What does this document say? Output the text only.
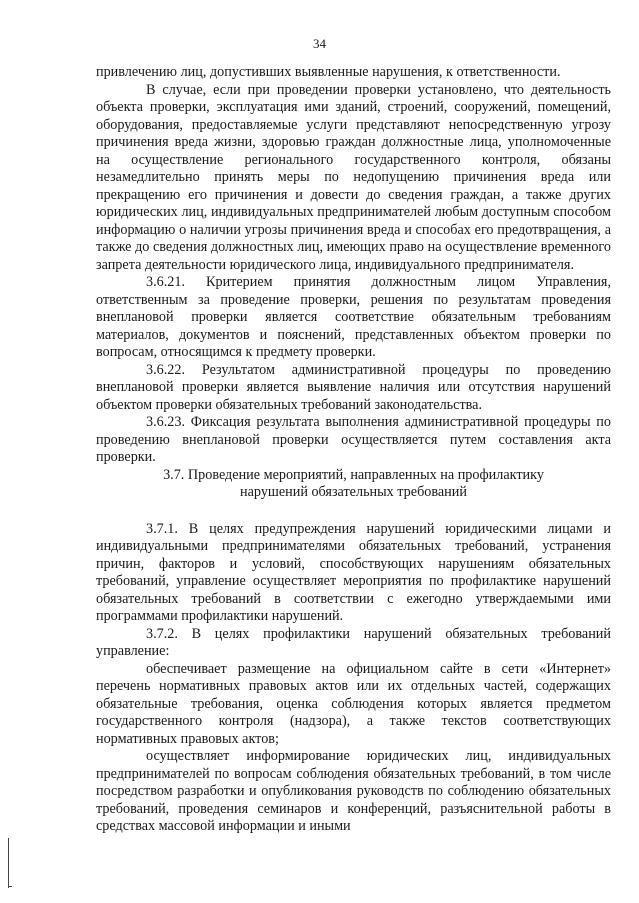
34

привлечению лиц, допустивших выявленные нарушения, к ответственности.

В случае, если при проведении проверки установлено, что деятельность объекта проверки, эксплуатация ими зданий, строений, сооружений, помещений, оборудования, предоставляемые услуги представляют непосредственную угрозу причинения вреда жизни, здоровью граждан должностные лица, уполномоченные на осуществление регионального государственного контроля, обязаны незамедлительно принять меры по недопущению причинения вреда или прекращению его причинения и довести до сведения граждан, а также других юридических лиц, индивидуальных предпринимателей любым доступным способом информацию о наличии угрозы причинения вреда и способах его предотвращения, а также до сведения должностных лиц, имеющих право на осуществление временного запрета деятельности юридического лица, индивидуального предпринимателя.

3.6.21. Критерием принятия должностным лицом Управления, ответственным за проведение проверки, решения по результатам проведения внеплановой проверки является соответствие обязательным требованиям материалов, документов и пояснений, представленных объектом проверки по вопросам, относящимся к предмету проверки.

3.6.22. Результатом административной процедуры по проведению внеплановой проверки является выявление наличия или отсутствия нарушений объектом проверки обязательных требований законодательства.

3.6.23. Фиксация результата выполнения административной процедуры по проведению внеплановой проверки осуществляется путем составления акта проверки.

3.7. Проведение мероприятий, направленных на профилактику
нарушений обязательных требований

3.7.1. В целях предупреждения нарушений юридическими лицами и индивидуальными предпринимателями обязательных требований, устранения причин, факторов и условий, способствующих нарушениям обязательных требований, управление осуществляет мероприятия по профилактике нарушений обязательных требований в соответствии с ежегодно утверждаемыми ими программами профилактики нарушений.

3.7.2. В целях профилактики нарушений обязательных требований управление:

обеспечивает размещение на официальном сайте в сети «Интернет» перечень нормативных правовых актов или их отдельных частей, содержащих обязательные требования, оценка соблюдения которых является предметом государственного контроля (надзора), а также текстов соответствующих нормативных правовых актов;

осуществляет информирование юридических лиц, индивидуальных предпринимателей по вопросам соблюдения обязательных требований, в том числе посредством разработки и опубликования руководств по соблюдению обязательных требований, проведения семинаров и конференций, разъяснительной работы в средствах массовой информации и иными
